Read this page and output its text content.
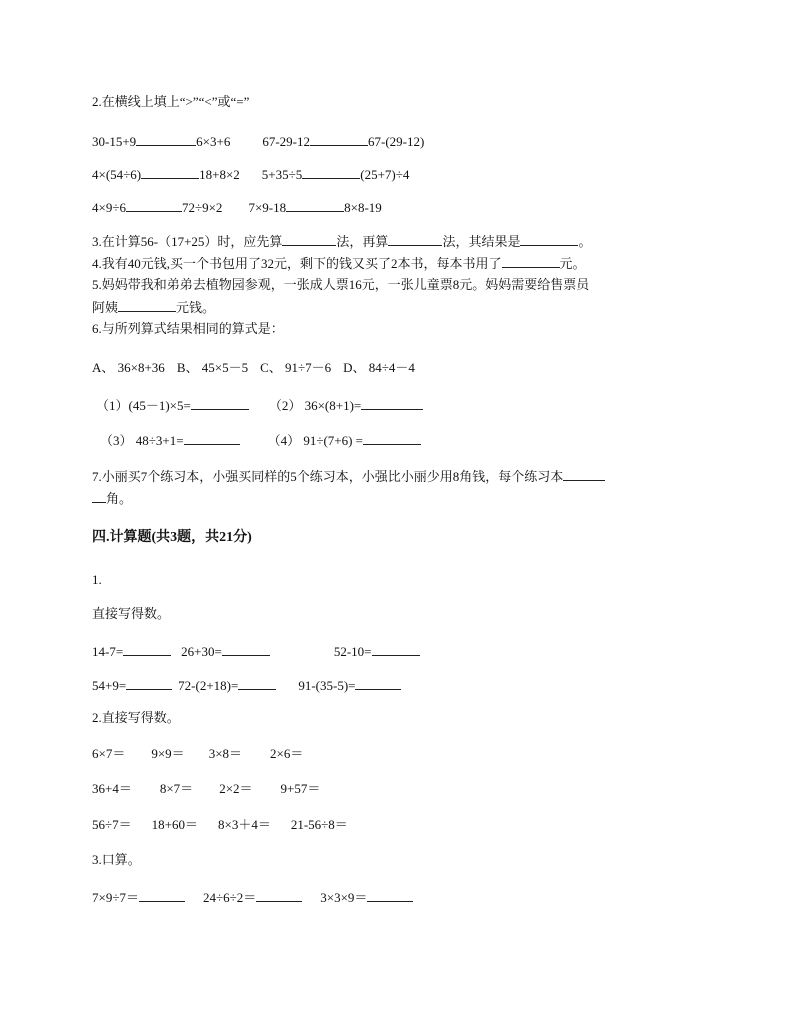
2.在横线上填上“>”“<”或“=”
30-15+9	6×3+6 67-29-12	67-(29-12)
4×(54÷6)	18+8×2 5+35÷5	(25+7)÷4
4×9÷6	72÷9×2 7×9-18	8×8-19
3.在计算56-（17+25）时，应先算	法，再算	法，其结果是	。
4.我有40元钱,买一个书包用了32元，剩下的钱又买了2本书，每本书用了	元。
5.妈妈带我和弟弟去植物园参观，一张成人票16元，一张儿童票8元。妈妈需要给售票员
阿姨	元钱。
6.与所列算式结果相同的算式是：
A、 36×8+36 B、 45×5－5 C、 91÷7－6 D、 84÷4－4
（1）(45－1)×5=	（2） 36×(8+1)=
（3） 48÷3+1=	（4） 91÷(7+6) =
7.小丽买7个练习本，小强买同样的5个练习本，小强比小丽少用8角钱，每个练习本
角。
四.计算题(共3题，共21分)
1.
直接写得数。
14-7=	26+30=	52-10=
54+9=	72-(2+18)=	91-(35-5)=
2.直接写得数。
6×7＝ 9×9＝ 3×8＝ 2×6＝
36+4＝ 8×7＝ 2×2＝ 9+57＝
56÷7＝ 18+60＝ 8×3＋4＝ 21-56÷8＝
3.口算。
7×9÷7＝	24÷6÷2＝	3×3×9＝
